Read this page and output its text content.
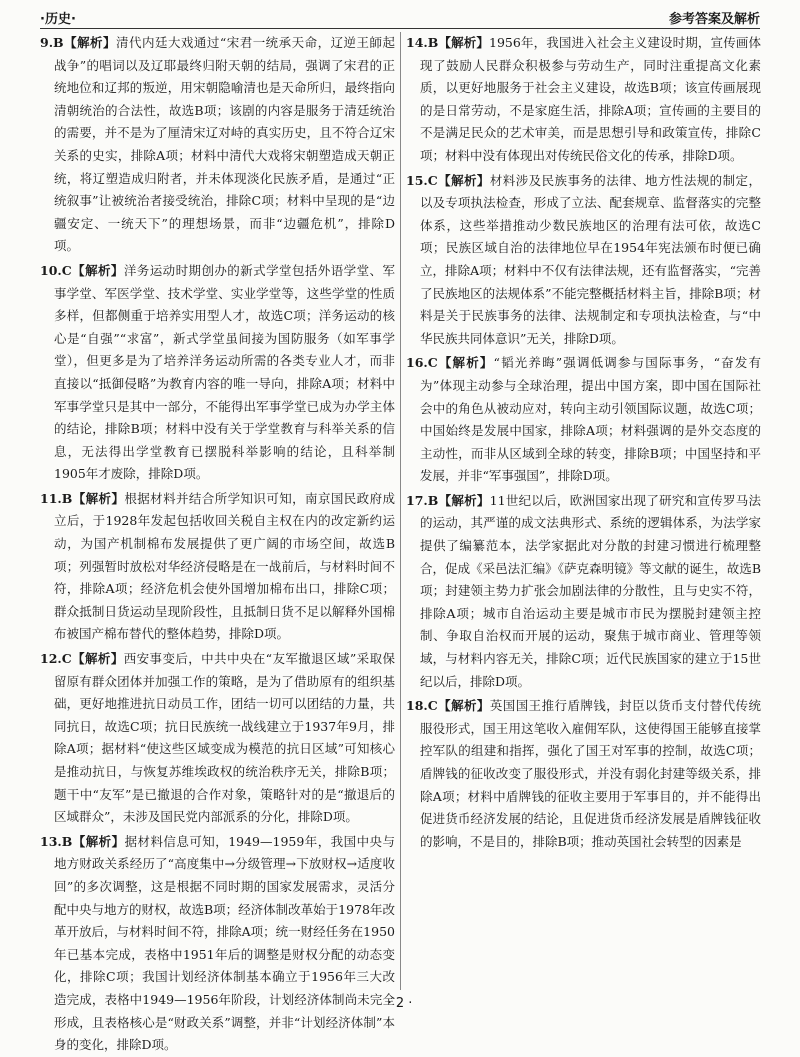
·历史·	参考答案及解析

9.B【解析】清代内廷大戏通过“宋君一统承天命，辽逆王師起战争”的唱词以及辽耶最终归附天朝的结局，强调了宋君的正统地位和辽邦的叛逆，用宋朝隐喻清也是天命所归，最终指向清朝统治的合法性，故选B项；该剧的内容是服务于清廷统治的需要，并不是为了厘清宋辽对峙的真实历史，且不符合辽宋关系的史实，排除A项；材料中清代大戏将宋朝塑造成天朝正统，将辽塑造成归附者，并未体现淡化民族矛盾，是通过“正统叙事”让被统治者接受统治，排除C项；材料中呈现的是“边疆安定、一统天下”的理想场景，而非“边疆危机”，排除D项。

10.C【解析】洋务运动时期创办的新式学堂包括外语学堂、军事学堂、军医学堂、技术学堂、实业学堂等，这些学堂的性质多样，但都侧重于培养实用型人才，故选C项；洋务运动的核心是“自强”“求富”，新式学堂虽间接为国防服务（如军事学堂），但更多是为了培养洋务运动所需的各类专业人才，而非直接以“抵御侵略”为教育内容的唯一导向，排除A项；材料中军事学堂只是其中一部分，不能得出军事学堂已成为办学主体的结论，排除B项；材料中没有关于学堂教育与科举关系的信息，无法得出学堂教育已摆脱科举影响的结论，且科举制1905年才废除，排除D项。

11.B【解析】根据材料并结合所学知识可知，南京国民政府成立后，于1928年发起包括收回关税自主权在内的改定新约运动，为国产机制棉布发展提供了更广阔的市场空间，故选B项；列强暂时放松对华经济侵略是在一战前后，与材料时间不符，排除A项；经济危机会使外国增加棉布出口，排除C项；群众抵制日货运动呈现阶段性，且抵制日货不足以解释外国棉布被国产棉布替代的整体趋势，排除D项。

12.C【解析】西安事变后，中共中央在“友军撤退区域”采取保留原有群众团体并加强工作的策略，是为了借助原有的组织基础，更好地推进抗日动员工作，团结一切可以团结的力量，共同抗日，故选C项；抗日民族统一战线建立于1937年9月，排除A项；据材料“使这些区域变成为模范的抗日区域”可知核心是推动抗日，与恢复苏维埃政权的统治秩序无关，排除B项；题干中“友军”是已撤退的合作对象，策略针对的是“撤退后的区域群众”，未涉及国民党内部派系的分化，排除D项。

13.B【解析】据材料信息可知，1949—1959年，我国中央与地方财政关系经历了“高度集中→分级管理→下放财权→适度收回”的多次调整，这是根据不同时期的国家发展需求，灵活分配中央与地方的财权，故选B项；经济体制改革始于1978年改革开放后，与材料时间不符，排除A项；统一财经任务在1950年已基本完成，表格中1951年后的调整是财权分配的动态变化，排除C项；我国计划经济体制基本确立于1956年三大改造完成，表格中1949—1956年阶段，计划经济体制尚未完全形成，且表格核心是“财政关系”调整，并非“计划经济体制”本身的变化，排除D项。

14.B【解析】1956年，我国进入社会主义建设时期，宣传画体现了鼓励人民群众积极参与劳动生产，同时注重提高文化素质，以更好地服务于社会主义建设，故选B项；该宣传画展现的是日常劳动，不是家庭生活，排除A项；宣传画的主要目的不是满足民众的艺术审美，而是思想引导和政策宣传，排除C项；材料中没有体现出对传统民俗文化的传承，排除D项。

15.C【解析】材料涉及民族事务的法律、地方性法规的制定，以及专项执法检查，形成了立法、配套规章、监督落实的完整体系，这些举措推动少数民族地区的治理有法可依，故选C项；民族区域自治的法律地位早在1954年宪法颁布时便已确立，排除A项；材料中不仅有法律法规，还有监督落实，“完善了民族地区的法规体系”不能完整概括材料主旨，排除B项；材料是关于民族事务的法律、法规制定和专项执法检查，与“中华民族共同体意识”无关，排除D项。

16.C【解析】“韬光养晦”强调低调参与国际事务，“奋发有为”体现主动参与全球治理，提出中国方案，即中国在国际社会中的角色从被动应对，转向主动引领国际议题，故选C项；中国始终是发展中国家，排除A项；材料强调的是外交态度的主动性，而非从区域到全球的转变，排除B项；中国坚持和平发展，并非“军事强国”，排除D项。

17.B【解析】11世纪以后，欧洲国家出现了研究和宣传罗马法的运动，其严谨的成文法典形式、系统的逻辑体系，为法学家提供了编纂范本，法学家据此对分散的封建习惯进行梳理整合，促成《采邑法汇编》《萨克森明镜》等文献的诞生，故选B项；封建领主势力扩张会加剧法律的分散性，且与史实不符，排除A项；城市自治运动主要是城市市民为摆脱封建领主控制、争取自治权而开展的运动，聚焦于城市商业、管理等领域，与材料内容无关，排除C项；近代民族国家的建立于15世纪以后，排除D项。

18.C【解析】英国国王推行盾牌钱，封臣以货币支付替代传统服役形式，国王用这笔收入雇佣军队，这使得国王能够直接掌控军队的组建和指挥，强化了国王对军事的控制，故选C项；盾牌钱的征收改变了服役形式，并没有弱化封建等级关系，排除A项；材料中盾牌钱的征收主要用于军事目的，并不能得出促进货币经济发展的结论，且促进货币经济发展是盾牌钱征收的影响，不是目的，排除B项；推动英国社会转型的因素是

· 2 ·
